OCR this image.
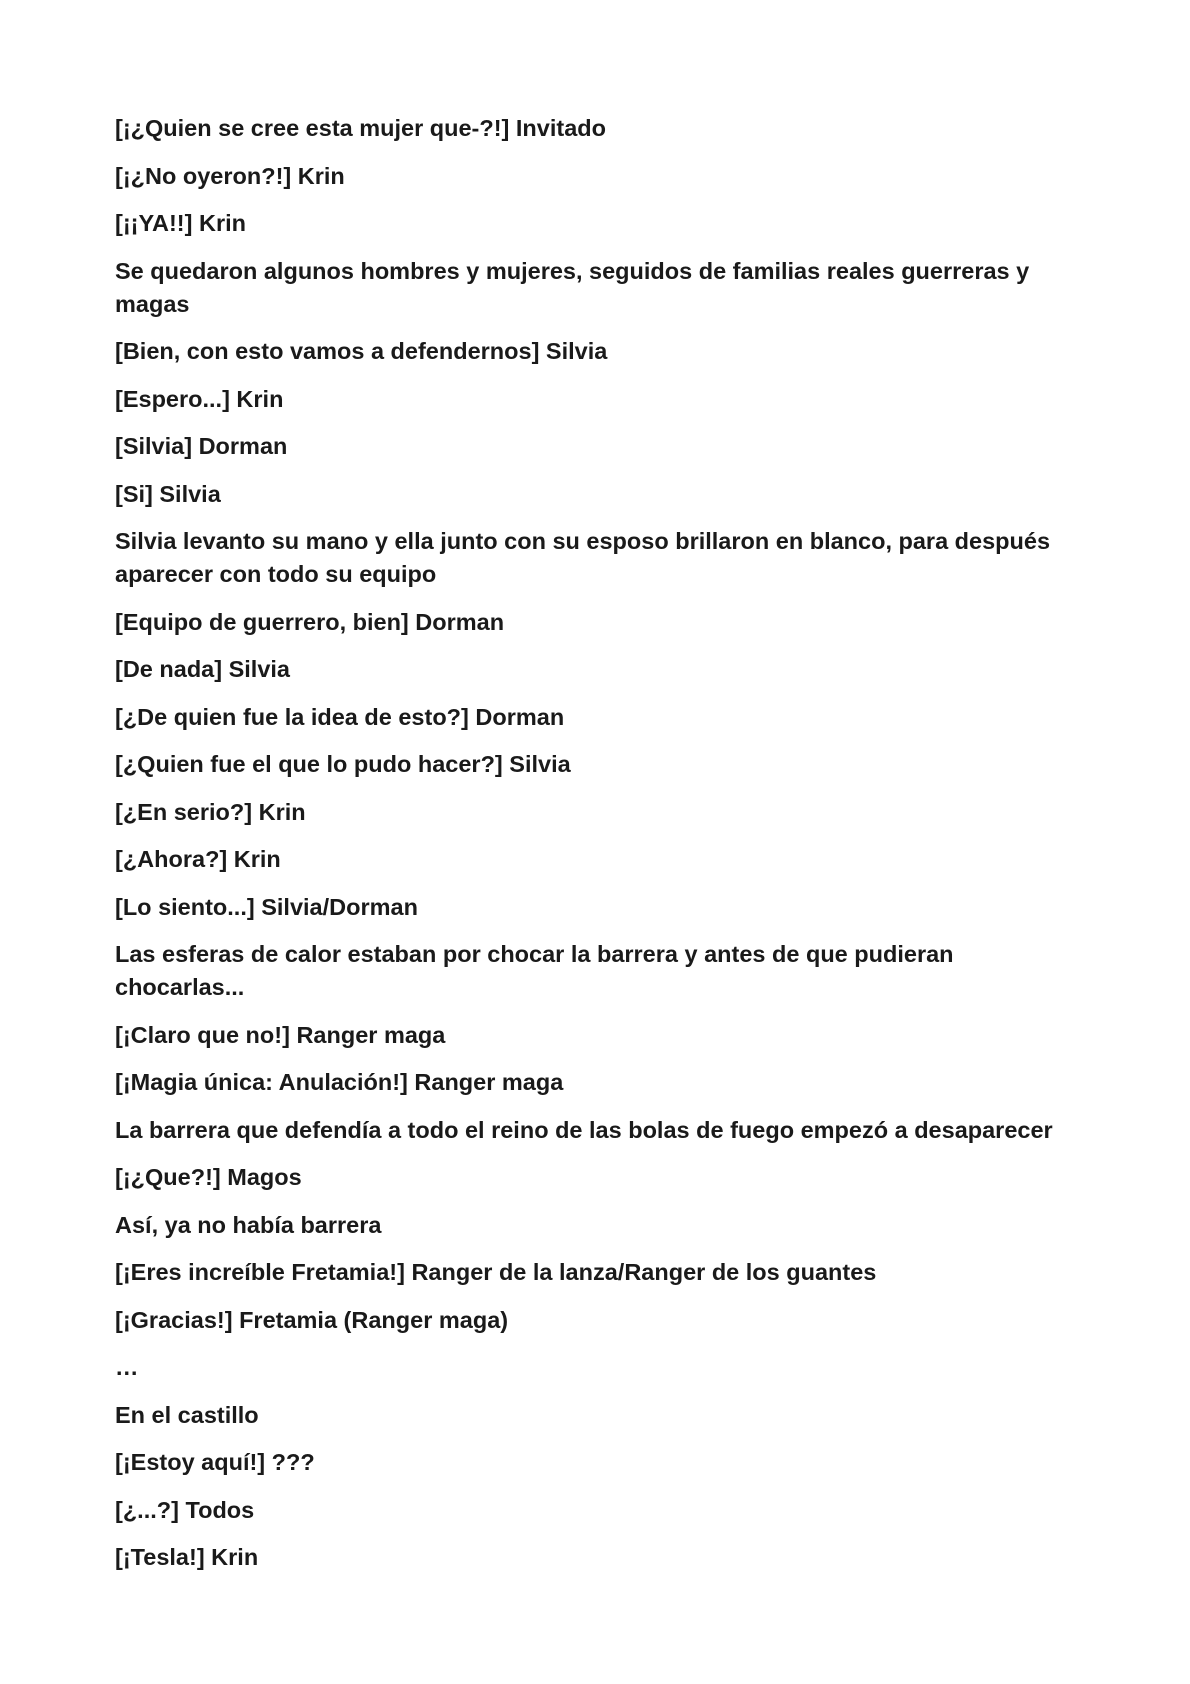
[¡¿Quien se cree esta mujer que-?!] Invitado

[¡¿No oyeron?!] Krin

[¡¡YA!!] Krin

Se quedaron algunos hombres y mujeres, seguidos de familias reales guerreras y magas

[Bien, con esto vamos a defendernos] Silvia

[Espero...] Krin

[Silvia] Dorman

[Si] Silvia

Silvia levanto su mano y ella junto con su esposo brillaron en blanco, para después aparecer con todo su equipo

[Equipo de guerrero, bien] Dorman

[De nada] Silvia

[¿De quien fue la idea de esto?] Dorman

[¿Quien fue el que lo pudo hacer?] Silvia

[¿En serio?] Krin

[¿Ahora?] Krin

[Lo siento...] Silvia/Dorman

Las esferas de calor estaban por chocar la barrera y antes de que pudieran chocarlas...

[¡Claro que no!] Ranger maga

[¡Magia única: Anulación!] Ranger maga

La barrera que defendía a todo el reino de las bolas de fuego empezó a desaparecer

[¡¿Que?!] Magos

Así, ya no había barrera

[¡Eres increíble Fretamia!] Ranger de la lanza/Ranger de los guantes

[¡Gracias!] Fretamia (Ranger maga)

…

En el castillo

[¡Estoy aquí!] ???

[¿...?] Todos

[¡Tesla!] Krin
